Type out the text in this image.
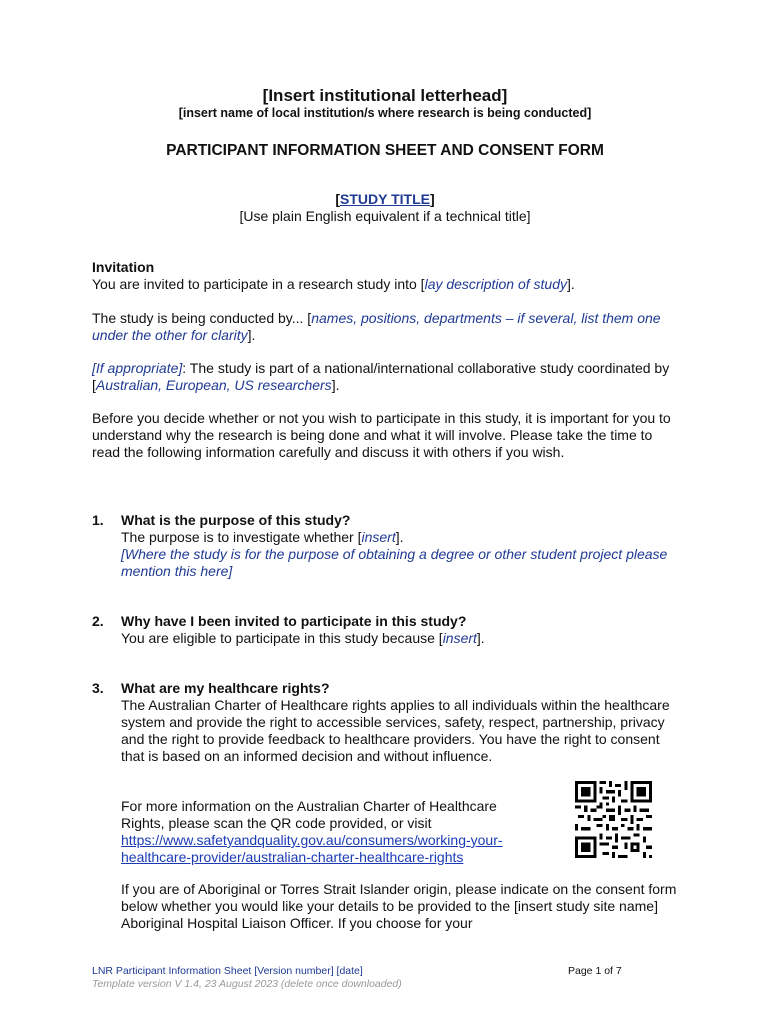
[Insert institutional letterhead]
[insert name of local institution/s where research is being conducted]
PARTICIPANT INFORMATION SHEET AND CONSENT FORM
[STUDY TITLE]
[Use plain English equivalent if a technical title]
Invitation
You are invited to participate in a research study into [lay description of study].
The study is being conducted by... [names, positions, departments – if several, list them one under the other for clarity].
[If appropriate]: The study is part of a national/international collaborative study coordinated by [Australian, European, US researchers].
Before you decide whether or not you wish to participate in this study, it is important for you to understand why the research is being done and what it will involve. Please take the time to read the following information carefully and discuss it with others if you wish.
1. What is the purpose of this study?
The purpose is to investigate whether [insert].
[Where the study is for the purpose of obtaining a degree or other student project please mention this here]
2. Why have I been invited to participate in this study?
You are eligible to participate in this study because [insert].
3. What are my healthcare rights?
The Australian Charter of Healthcare rights applies to all individuals within the healthcare system and provide the right to accessible services, safety, respect, partnership, privacy and the right to provide feedback to healthcare providers. You have the right to consent that is based on an informed decision and without influence.
For more information on the Australian Charter of Healthcare
Rights, please scan the QR code provided, or visit
https://www.safetyandquality.gov.au/consumers/working-your-
healthcare-provider/australian-charter-healthcare-rights
If you are of Aboriginal or Torres Strait Islander origin, please indicate on the consent form below whether you would like your details to be provided to the [insert study site name] Aboriginal Hospital Liaison Officer. If you choose for your
LNR Participant Information Sheet [Version number] [date]
Template version V 1.4, 23 August 2023 (delete once downloaded)
Page 1 of 7
